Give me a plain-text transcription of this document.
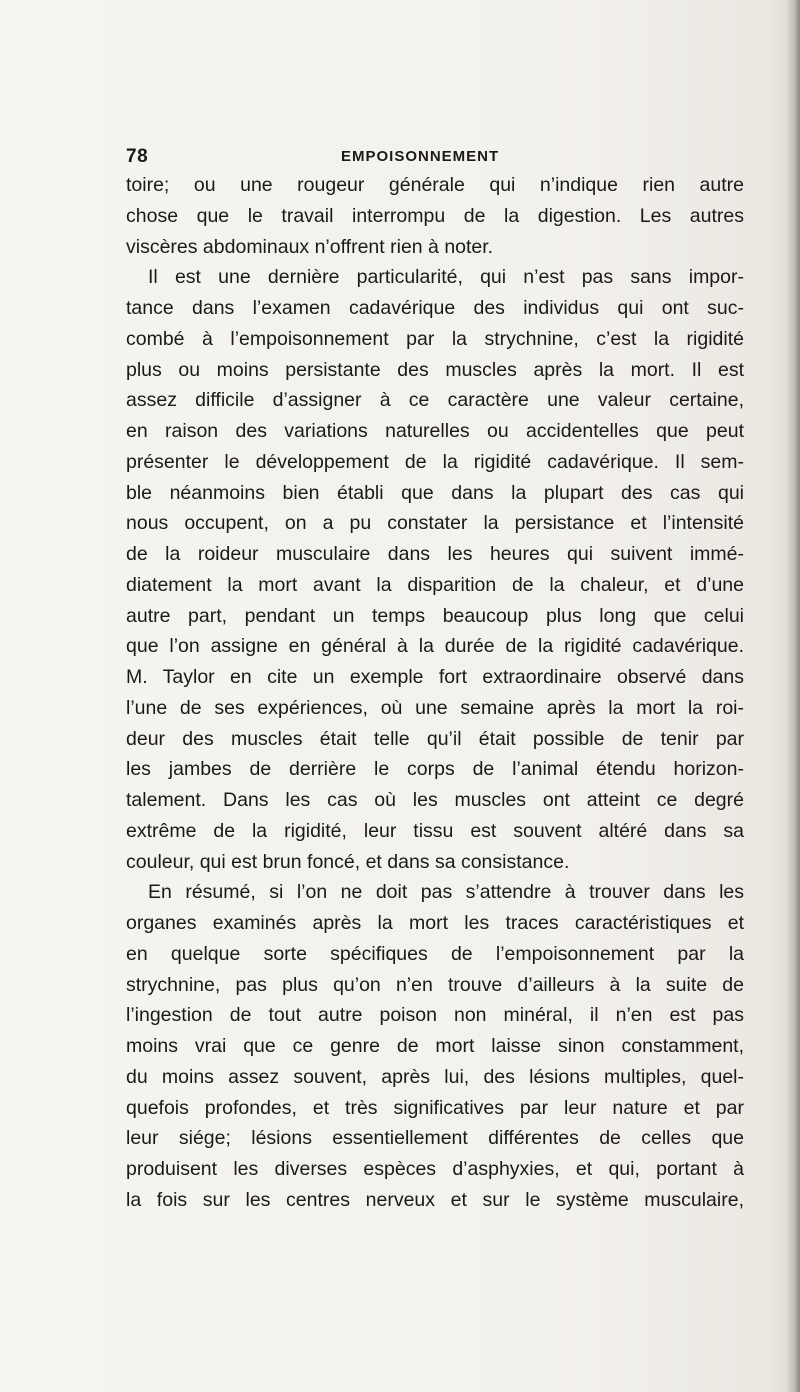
78	EMPOISONNEMENT
toire; ou une rougeur générale qui n’indique rien autre
chose que le travail interrompu de la digestion. Les autres
viscères abdominaux n’offrent rien à noter.
Il est une dernière particularité, qui n’est pas sans impor-
tance dans l’examen cadavérique des individus qui ont suc-
combé à l’empoisonnement par la strychnine, c’est la rigidité
plus ou moins persistante des muscles après la mort. Il est
assez difficile d’assigner à ce caractère une valeur certaine,
en raison des variations naturelles ou accidentelles que peut
présenter le développement de la rigidité cadavérique. Il sem-
ble néanmoins bien établi que dans la plupart des cas qui
nous occupent, on a pu constater la persistance et l’intensité
de la roideur musculaire dans les heures qui suivent immé-
diatement la mort avant la disparition de la chaleur, et d’une
autre part, pendant un temps beaucoup plus long que celui
que l’on assigne en général à la durée de la rigidité cadavérique.
M. Taylor en cite un exemple fort extraordinaire observé dans
l’une de ses expériences, où une semaine après la mort la roi-
deur des muscles était telle qu’il était possible de tenir par
les jambes de derrière le corps de l’animal étendu horizon-
talement. Dans les cas où les muscles ont atteint ce degré
extrême de la rigidité, leur tissu est souvent altéré dans sa
couleur, qui est brun foncé, et dans sa consistance.
En résumé, si l’on ne doit pas s’attendre à trouver dans les
organes examinés après la mort les traces caractéristiques et
en quelque sorte spécifiques de l’empoisonnement par la
strychnine, pas plus qu’on n’en trouve d’ailleurs à la suite de
l’ingestion de tout autre poison non minéral, il n’en est pas
moins vrai que ce genre de mort laisse sinon constamment,
du moins assez souvent, après lui, des lésions multiples, quel-
quefois profondes, et très significatives par leur nature et par
leur siége; lésions essentiellement différentes de celles que
produisent les diverses espèces d’asphyxies, et qui, portant à
la fois sur les centres nerveux et sur le système musculaire,
